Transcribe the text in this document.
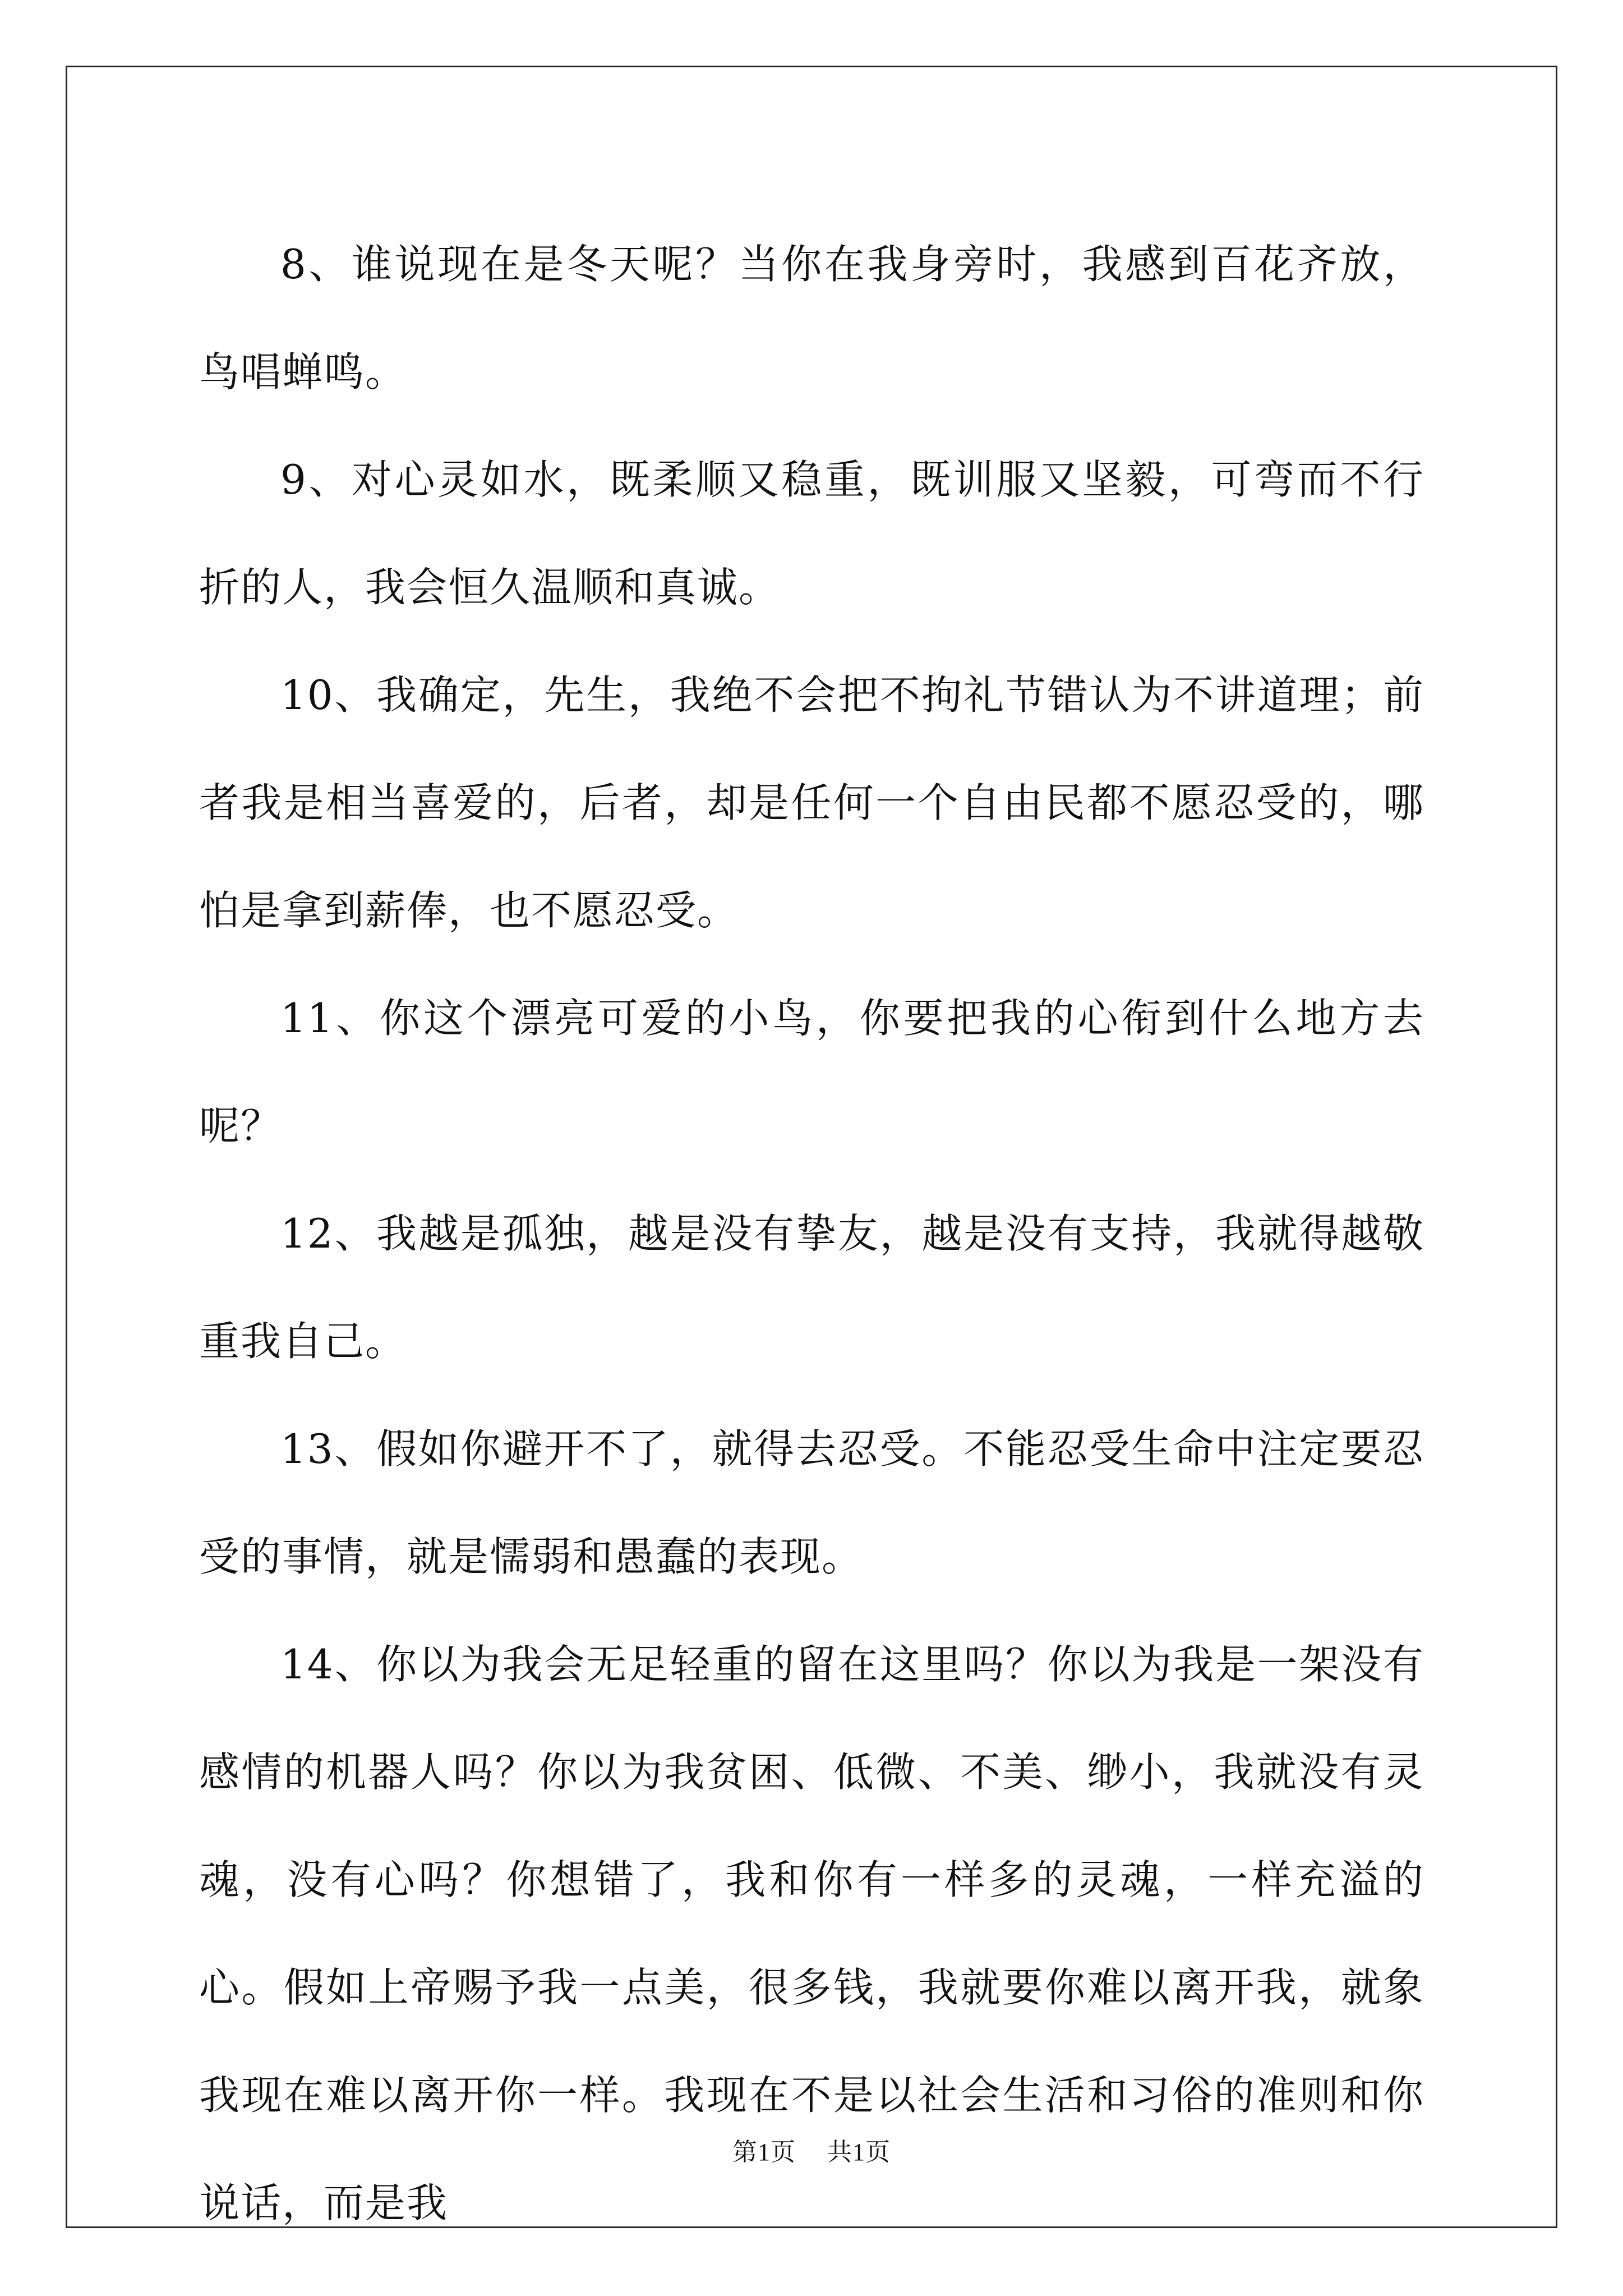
8、谁说现在是冬天呢？当你在我身旁时，我感到百花齐放，鸟唱蝉鸣。

9、对心灵如水，既柔顺又稳重，既训服又坚毅，可弯而不行折的人，我会恒久温顺和真诚。

10、我确定，先生，我绝不会把不拘礼节错认为不讲道理；前者我是相当喜爱的，后者，却是任何一个自由民都不愿忍受的，哪怕是拿到薪俸，也不愿忍受。

11、你这个漂亮可爱的小鸟，你要把我的心衔到什么地方去呢？

12、我越是孤独，越是没有挚友，越是没有支持，我就得越敬重我自己。

13、假如你避开不了，就得去忍受。不能忍受生命中注定要忍受的事情，就是懦弱和愚蠢的表现。

14、你以为我会无足轻重的留在这里吗？你以为我是一架没有感情的机器人吗？你以为我贫困、低微、不美、缈小，我就没有灵魂，没有心吗？你想错了，我和你有一样多的灵魂，一样充溢的心。假如上帝赐予我一点美，很多钱，我就要你难以离开我，就象我现在难以离开你一样。我现在不是以社会生活和习俗的准则和你说话，而是我

第1页 共1页
